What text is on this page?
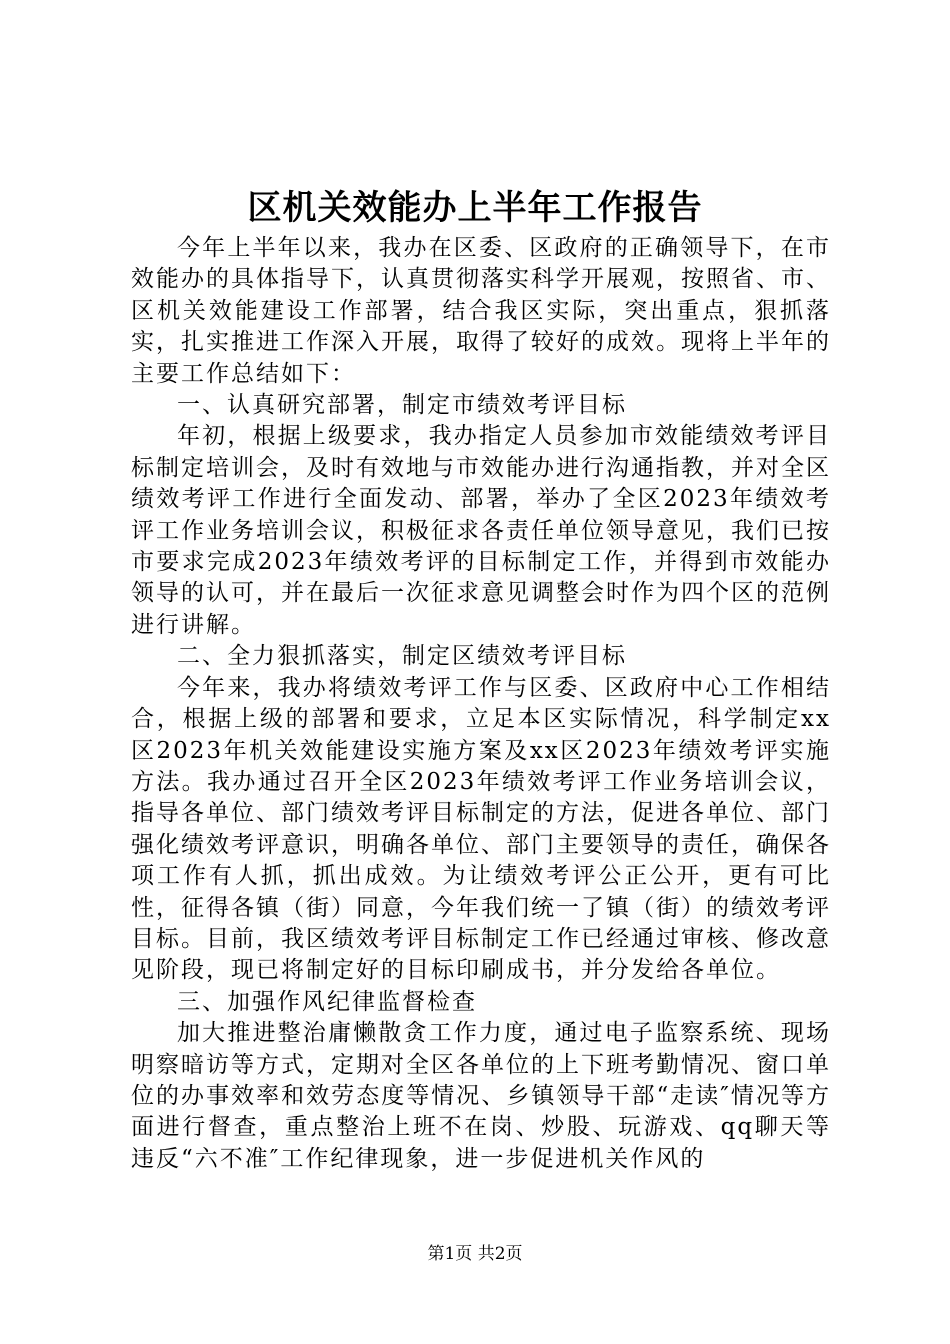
区机关效能办上半年工作报告

今年上半年以来，我办在区委、区政府的正确领导下，在市效能办的具体指导下，认真贯彻落实科学开展观，按照省、市、区机关效能建设工作部署，结合我区实际，突出重点，狠抓落实，扎实推进工作深入开展，取得了较好的成效。现将上半年的主要工作总结如下：

一、认真研究部署，制定市绩效考评目标

年初，根据上级要求，我办指定人员参加市效能绩效考评目标制定培训会，及时有效地与市效能办进行沟通指教，并对全区绩效考评工作进行全面发动、部署，举办了全区2023年绩效考评工作业务培训会议，积极征求各责任单位领导意见，我们已按市要求完成2023年绩效考评的目标制定工作，并得到市效能办领导的认可，并在最后一次征求意见调整会时作为四个区的范例进行讲解。

二、全力狠抓落实，制定区绩效考评目标

今年来，我办将绩效考评工作与区委、区政府中心工作相结合，根据上级的部署和要求，立足本区实际情况，科学制定xx区2023年机关效能建设实施方案及xx区2023年绩效考评实施方法。我办通过召开全区2023年绩效考评工作业务培训会议，指导各单位、部门绩效考评目标制定的方法，促进各单位、部门强化绩效考评意识，明确各单位、部门主要领导的责任，确保各项工作有人抓，抓出成效。为让绩效考评公正公开，更有可比性，征得各镇（街）同意，今年我们统一了镇（街）的绩效考评目标。目前，我区绩效考评目标制定工作已经通过审核、修改意见阶段，现已将制定好的目标印刷成书，并分发给各单位。

三、加强作风纪律监督检查

加大推进整治庸懒散贪工作力度，通过电子监察系统、现场明察暗访等方式，定期对全区各单位的上下班考勤情况、窗口单位的办事效率和效劳态度等情况、乡镇领导干部“走读″情况等方面进行督查，重点整治上班不在岗、炒股、玩游戏、qq聊天等违反“六不准″工作纪律现象，进一步促进机关作风的

第1页 共2页
